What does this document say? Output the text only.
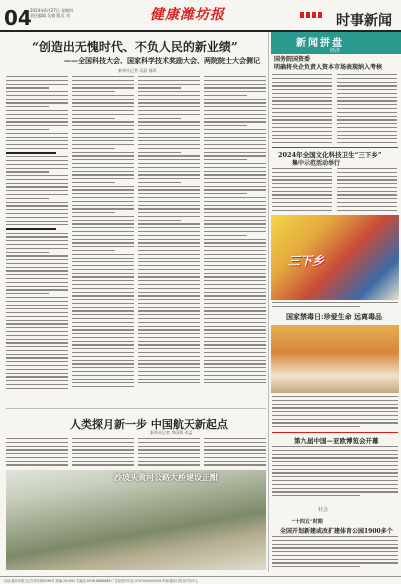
04
2024年6月27日 星期四
责任编辑 吴倩 版式 刘	健康潍坊报	时事新闻
“创造出无愧时代、不负人民的新业绩”
——全国科技大会、国家科学技术奖励大会、两院院士大会侧记
新华社记者 吴晶 郁琼
人类探月新一步 中国航天新起点
新华社记者 李国利 邓孟
沙坡头黄河公路大桥建设正酣
新闻拼盘
经济
国务院国资委
明确将央企负责人资本市场表现纳入考核
2024年全国文化科技卫生“三下乡”
集中示范活动举行
三下乡
国家禁毒日:珍爱生命 远离毒品
第九届中国—亚欧博览会开幕
社会
“十四五”时期
全国开划新建或改扩建体育公园1900多个
社址:潍坊市奎文区东风东街6396号 邮编:261061 总编室:0536-8888888 广告经营许可证:3707004000028 印刷:潍坊日报社印务中心
